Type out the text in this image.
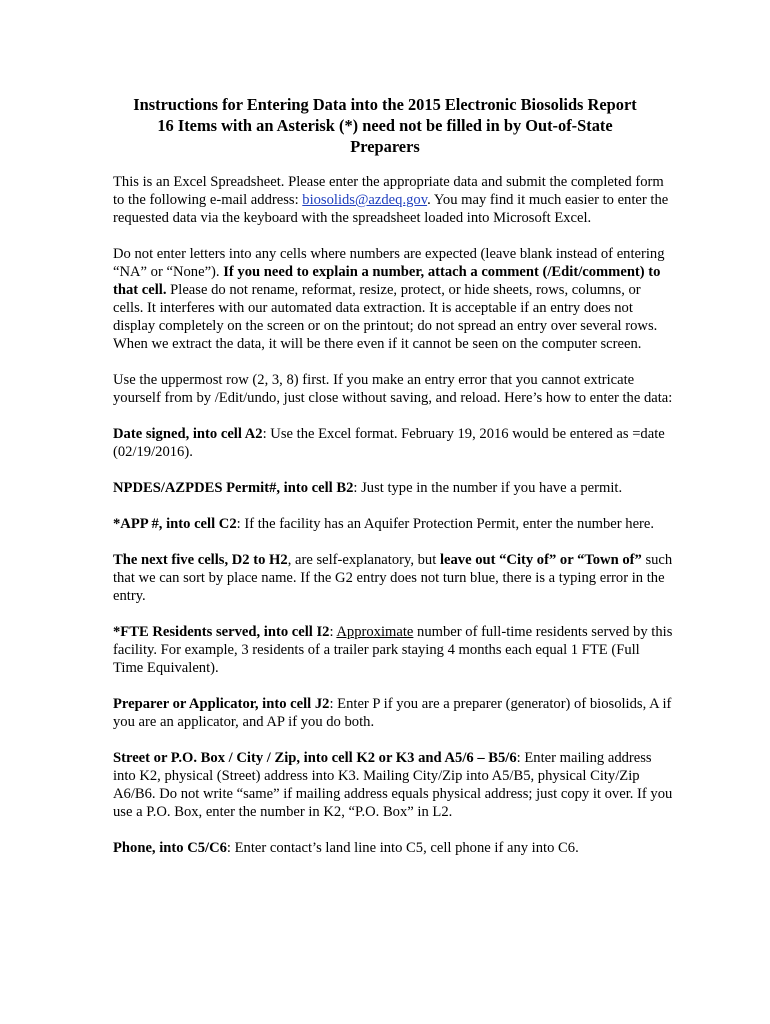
Instructions for Entering Data into the 2015 Electronic Biosolids Report
16 Items with an Asterisk (*) need not be filled in by Out-of-State
Preparers

This is an Excel Spreadsheet. Please enter the appropriate data and submit the completed form to the following e-mail address: biosolids@azdeq.gov. You may find it much easier to enter the requested data via the keyboard with the spreadsheet loaded into Microsoft Excel.

Do not enter letters into any cells where numbers are expected (leave blank instead of entering “NA” or “None”). If you need to explain a number, attach a comment (/Edit/comment) to that cell. Please do not rename, reformat, resize, protect, or hide sheets, rows, columns, or cells. It interferes with our automated data extraction. It is acceptable if an entry does not display completely on the screen or on the printout; do not spread an entry over several rows. When we extract the data, it will be there even if it cannot be seen on the computer screen.

Use the uppermost row (2, 3, 8) first. If you make an entry error that you cannot extricate yourself from by /Edit/undo, just close without saving, and reload. Here’s how to enter the data:

Date signed, into cell A2: Use the Excel format. February 19, 2016 would be entered as =date (02/19/2016).

NPDES/AZPDES Permit#, into cell B2: Just type in the number if you have a permit.

*APP #, into cell C2: If the facility has an Aquifer Protection Permit, enter the number here.

The next five cells, D2 to H2, are self-explanatory, but leave out “City of” or “Town of” such that we can sort by place name. If the G2 entry does not turn blue, there is a typing error in the entry.

*FTE Residents served, into cell I2: Approximate number of full-time residents served by this facility. For example, 3 residents of a trailer park staying 4 months each equal 1 FTE (Full Time Equivalent).

Preparer or Applicator, into cell J2: Enter P if you are a preparer (generator) of biosolids, A if you are an applicator, and AP if you do both.

Street or P.O. Box / City / Zip, into cell K2 or K3 and A5/6 – B5/6: Enter mailing address into K2, physical (Street) address into K3. Mailing City/Zip into A5/B5, physical City/Zip A6/B6. Do not write “same” if mailing address equals physical address; just copy it over. If you use a P.O. Box, enter the number in K2, “P.O. Box” in L2.

Phone, into C5/C6: Enter contact’s land line into C5, cell phone if any into C6.
